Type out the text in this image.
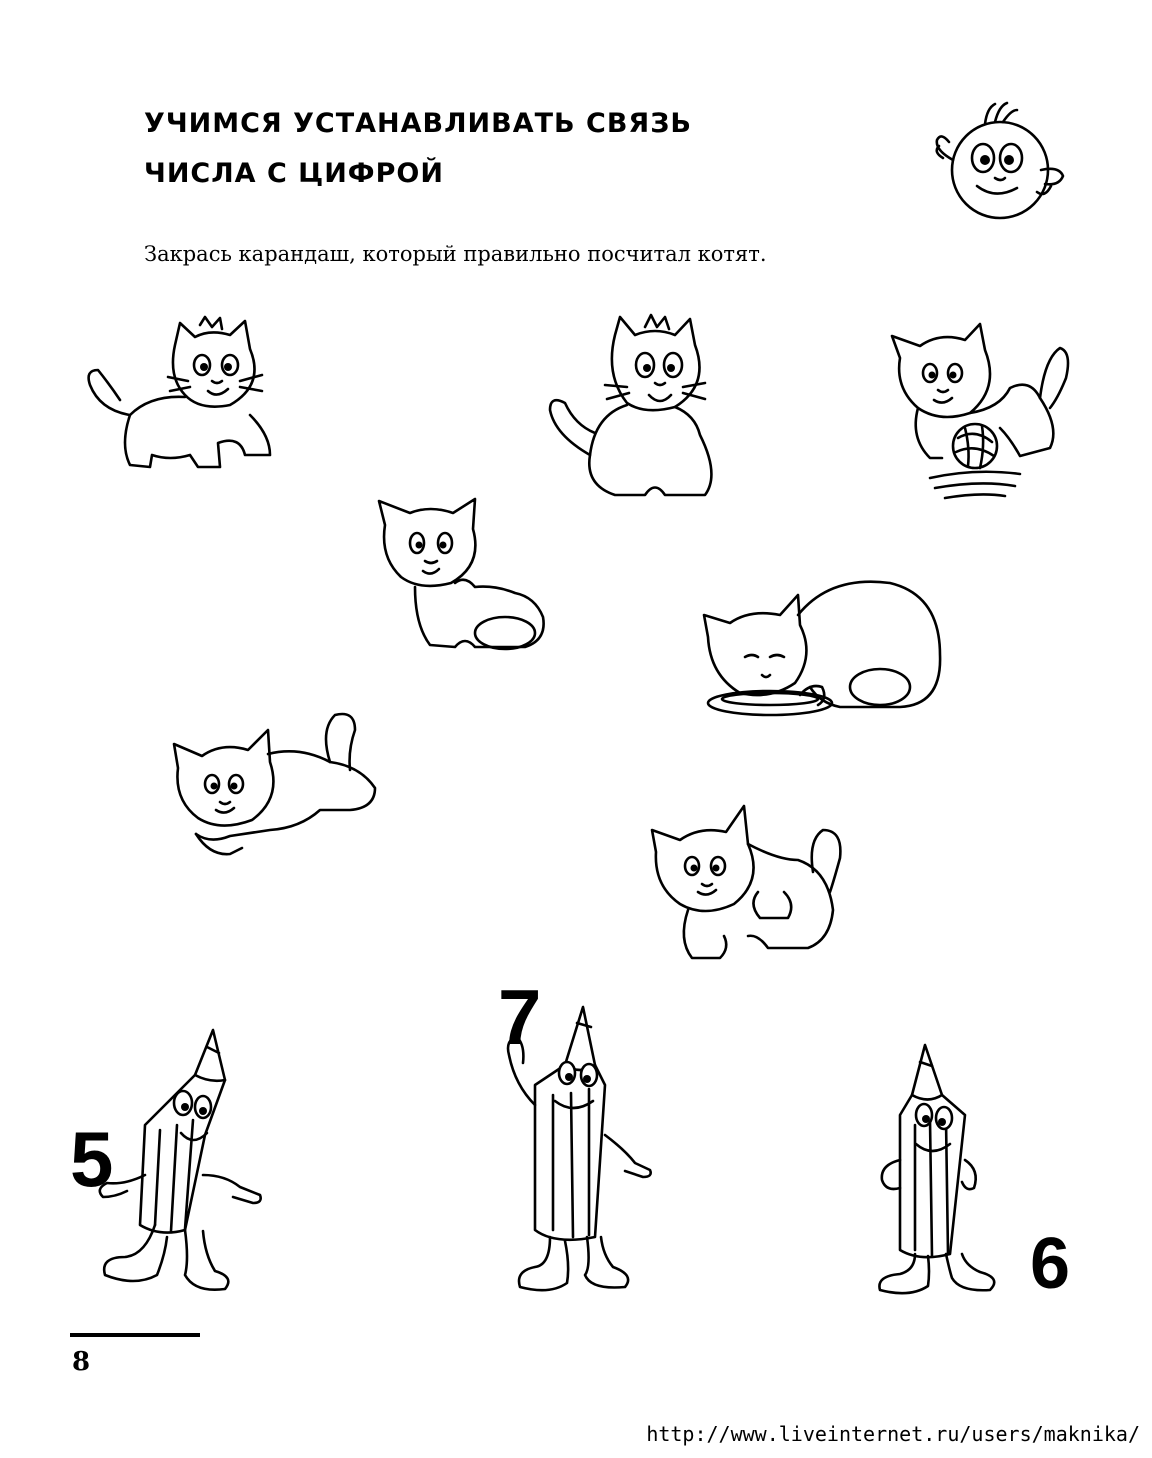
УЧИМСЯ УСТАНАВЛИВАТЬ СВЯЗЬ
ЧИСЛА С ЦИФРОЙ
Закрась карандаш, который правильно посчитал котят.
5
7
6
8
http://www.liveinternet.ru/users/maknika/
